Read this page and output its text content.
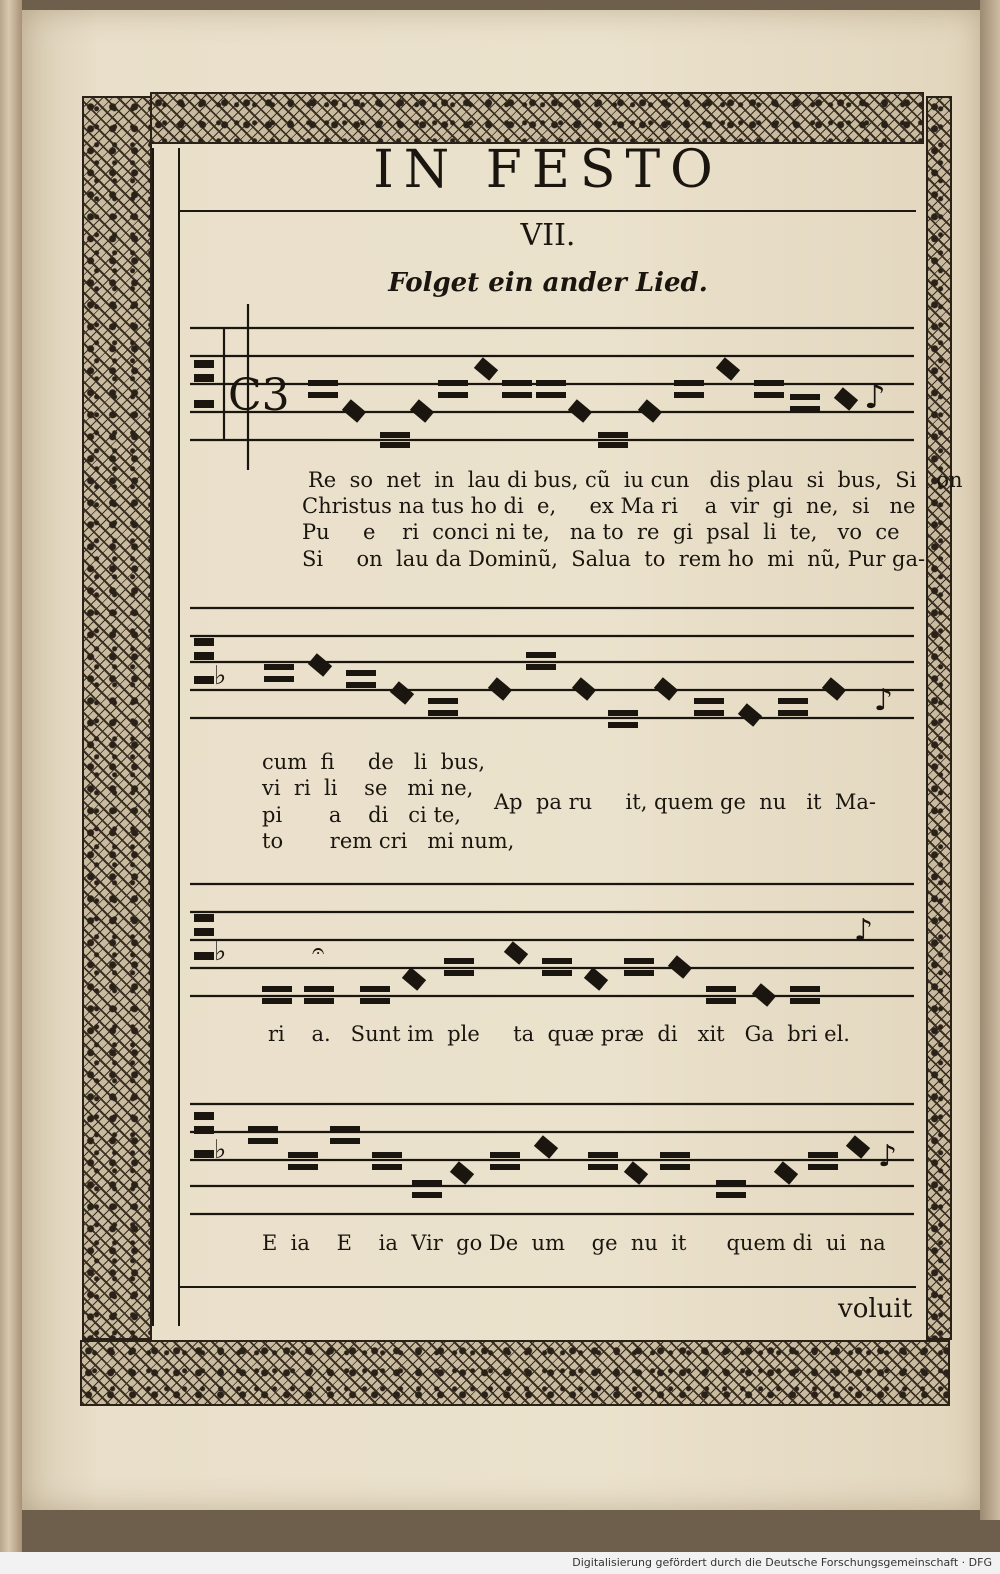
IN FESTO
VII.
Folget ein ander Lied.
C3	♪
Re  so  net  in  lau di bus, cũ  iu cun   dis plau  si  bus,  Si   on
Christus na tus ho di  e,     ex Ma ri    a  vir  gi  ne,  si   ne
Pu     e    ri  conci ni te,   na to  re  gi  psal  li  te,   vo  ce
Si     on  lau da Dominũ,  Salua  to  rem ho  mi  nũ, Pur ga-
♭
♪
cum  fi     de   li  bus,
vi  ri  li    se   mi ne,
pi       a    di   ci te,
to       rem cri   mi num,
Ap  pa ru     it, quem ge  nu   it  Ma-
♭	𝄐
♪
ri    a.   Sunt im  ple     ta  quæ præ  di   xit   Ga  bri el.
♭	♪
E  ia    E    ia  Vir  go De  um    ge  nu  it      quem di  ui  na
voluit
Digitalisierung gefördert durch die Deutsche Forschungsgemeinschaft · DFG
